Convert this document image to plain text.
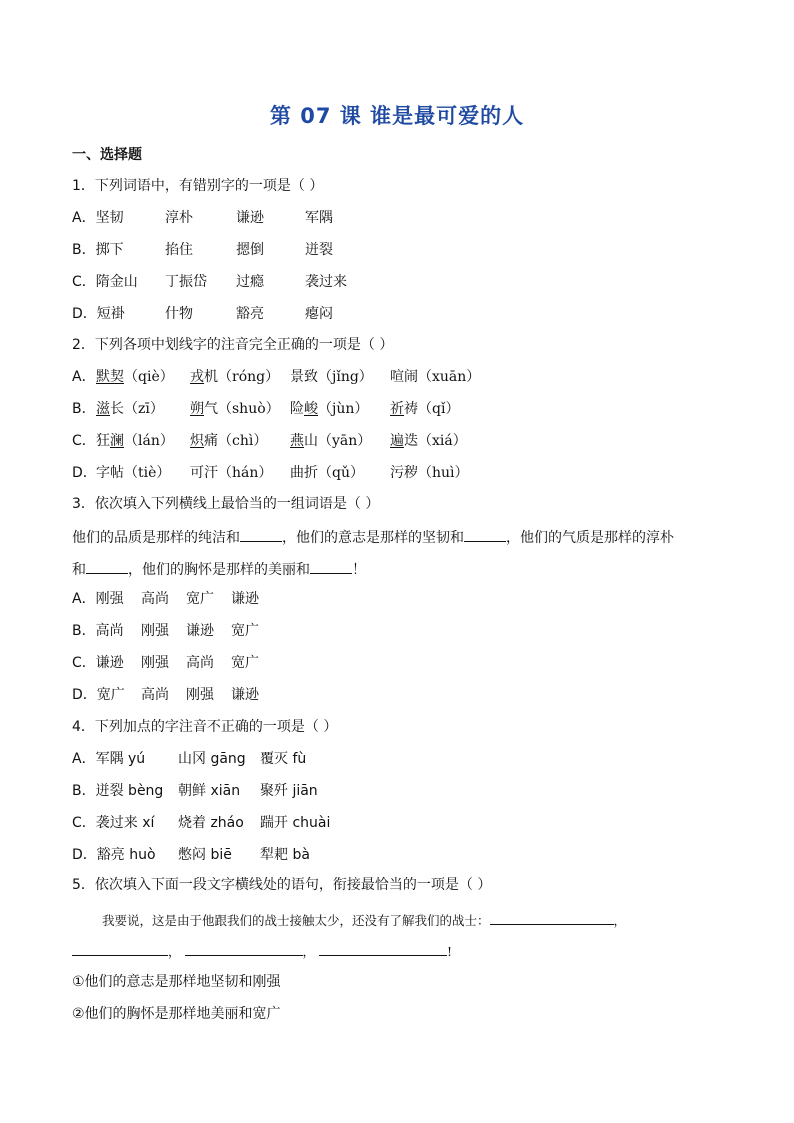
第 07 课 谁是最可爱的人
一、选择题
1．下列词语中，有错别字的一项是（ ）
A．坚韧	淳朴	谦逊	军隅
B．掷下	掐住	摁倒	迸裂
C．隋金山 丁振岱 过瘾	袭过来
D．短褂	什物	豁亮	瘪闷
2．下列各项中划线字的注音完全正确的一项是（ ）
A． 默契（qiè） 戎机（róng） 景致（jǐng） 喧闹（xuān）
B． 滋长（zī） 朔气（shuò） 险峻（jùn） 祈祷（qǐ）
C． 狂澜（lán） 炽痛（chì） 燕山（yān） 遍迭（xiá）
D． 字帖（tiè） 可汗（hán） 曲折（qǔ） 污秽（huì）
3．依次填入下列横线上最恰当的一组词语是（ ）
他们的品质是那样的纯洁和	，他们的意志是那样的坚韧和	，他们的气质是那样的淳朴
和	，他们的胸怀是那样的美丽和	！
A．刚强 高尚 宽广 谦逊
B．高尚 刚强 谦逊 宽广
C．谦逊 刚强 高尚 宽广
D．宽广 高尚 刚强 谦逊
4．下列加点的字注音不正确的一项是（ ）
A．军隅 yú 山冈 gāng 覆灭 fù
B．迸裂 bèng 朝鲜 xiān 聚歼 jiān
C．袭过来 xí 烧着 zháo 踹开 chuài
D．豁亮 huò 憋闷 biē 犁耙 bà
5．依次填入下面一段文字横线处的语句，衔接最恰当的一项是（ ）
我要说，这是由于他跟我们的战士接触太少，还没有了解我们的战士：	，
，	，	!
①他们的意志是那样地坚韧和刚强
②他们的胸怀是那样地美丽和宽广
